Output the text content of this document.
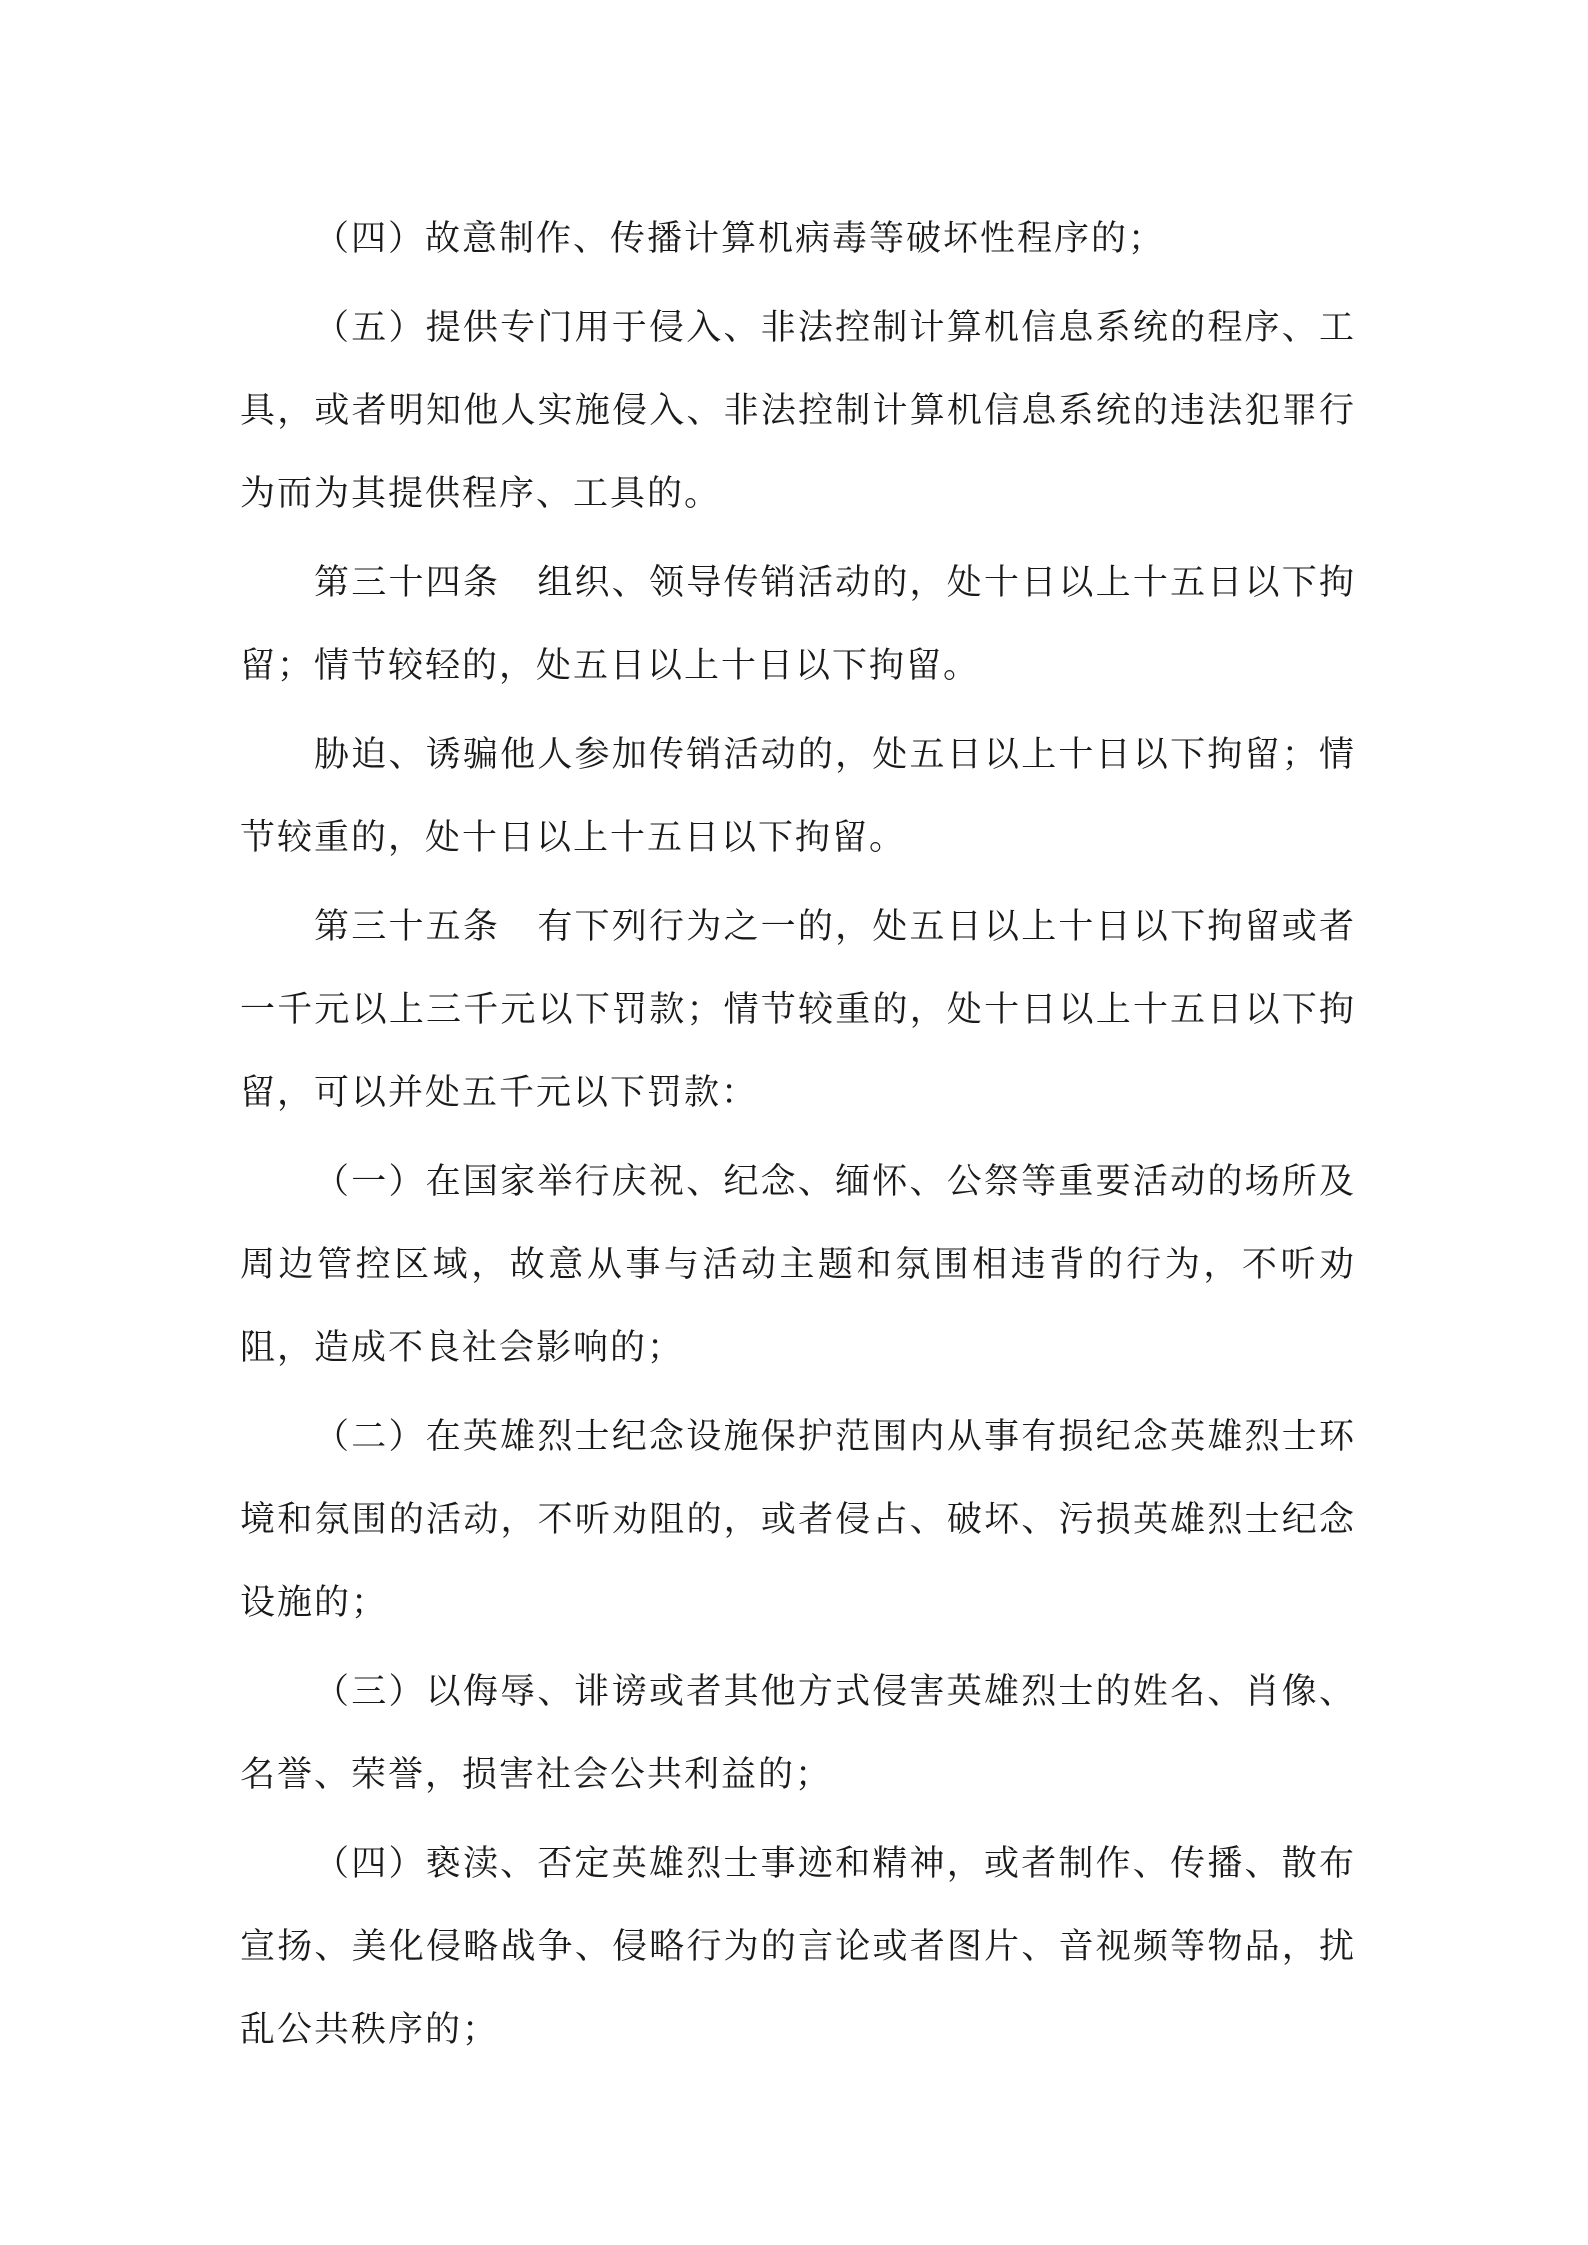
（四）故意制作、传播计算机病毒等破坏性程序的；

（五）提供专门用于侵入、非法控制计算机信息系统的程序、工具，或者明知他人实施侵入、非法控制计算机信息系统的违法犯罪行为而为其提供程序、工具的。

第三十四条　组织、领导传销活动的，处十日以上十五日以下拘留；情节较轻的，处五日以上十日以下拘留。

胁迫、诱骗他人参加传销活动的，处五日以上十日以下拘留；情节较重的，处十日以上十五日以下拘留。

第三十五条　有下列行为之一的，处五日以上十日以下拘留或者一千元以上三千元以下罚款；情节较重的，处十日以上十五日以下拘留，可以并处五千元以下罚款：

（一）在国家举行庆祝、纪念、缅怀、公祭等重要活动的场所及周边管控区域，故意从事与活动主题和氛围相违背的行为，不听劝阻，造成不良社会影响的；

（二）在英雄烈士纪念设施保护范围内从事有损纪念英雄烈士环境和氛围的活动，不听劝阻的，或者侵占、破坏、污损英雄烈士纪念设施的；

（三）以侮辱、诽谤或者其他方式侵害英雄烈士的姓名、肖像、名誉、荣誉，损害社会公共利益的；

（四）亵渎、否定英雄烈士事迹和精神，或者制作、传播、散布宣扬、美化侵略战争、侵略行为的言论或者图片、音视频等物品，扰乱公共秩序的；
